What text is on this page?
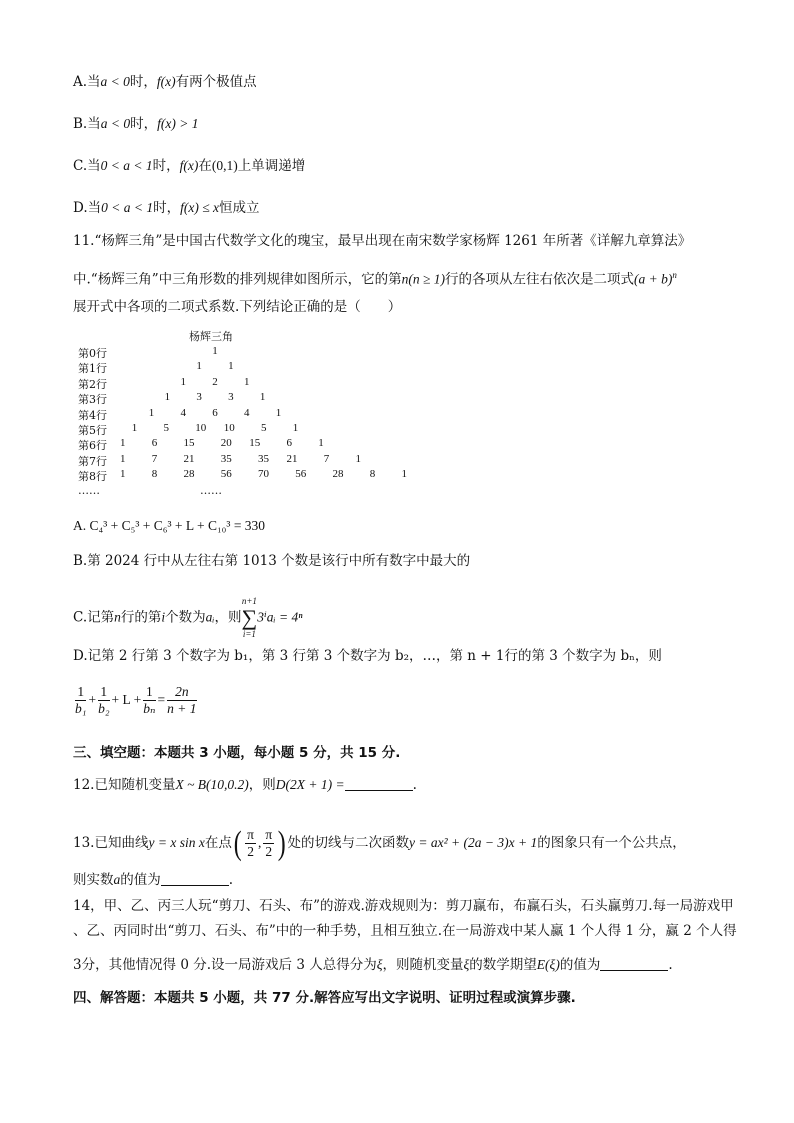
A.当a < 0时，f(x)有两个极值点
B.当a < 0时，f(x) > 1
C.当0 < a < 1时，f(x)在(0,1)上单调递增
D.当0 < a < 1时，f(x) ≤ x恒成立
11.“杨辉三角”是中国古代数学文化的瑰宝，最早出现在南宋数学家杨辉 1261 年所著《详解九章算法》
中.“杨辉三角”中三角形数的排列规律如图所示，它的第n(n ≥ 1)行的各项从左往右依次是二项式$(a + b)^n$
展开式中各项的二项式系数.下列结论正确的是（　　）
杨辉三角
第0行	1
第1行	1   1
第2行	1   2   1
第3行	1   3   3   1
第4行	1   4   6   4   1
第5行	1   5   10  10   5   1
第6行 1   6   15   20  15   6   1
第7行 1   7   21   35   35  21   7   1
第8行 1   8   28   56   70   56   28   8   1
……	……
A. C₄³ + C₅³ + C₆³ + L + C₁₀³ = 330
B.第 2024 行中从左往右第 1013 个数是该行中所有数字中最大的
C.记第n行的第i个数为aᵢ，则
n+1
∑
i=1
3ⁱaᵢ = 4ⁿ
D.记第 2 行第 3 个数字为 b₁，第 3 行第 3 个数字为 b₂，…，第 n + 1行的第 3 个数字为 bₙ，则
$\frac{1}{\text{b₁}} + \frac{1}{\text{b₂}} + L + \frac{1}{\text{bₙ}} = \frac{2n}{n + 1}$
三、填空题：本题共 3 小题，每小题 5 分，共 15 分.
12.已知随机变量X ~ B(10,0.2)，则D(2X + 1) =	.
13.已知曲线y = x sin x在点( $\frac{\pi}{2}$ , $\frac{\pi}{2}$ ) 处的切线与二次函数y = ax² + (2a − 3)x + 1的图象只有一个公共点，
则实数a的值为	.
14，甲、乙、丙三人玩“剪刀、石头、布”的游戏.游戏规则为：剪刀赢布，布赢石头，石头赢剪刀.每一局游戏甲
、乙、丙同时出“剪刀、石头、布”中的一种手势，且相互独立.在一局游戏中某人赢 1 个人得 1 分，赢 2 个人得
3分，其他情况得 0 分.设一局游戏后 3 人总得分为ξ，则随机变量ξ的数学期望E(ξ)的值为	.
四、解答题：本题共 5 小题，共 77 分.解答应写出文字说明、证明过程或演算步骤.
